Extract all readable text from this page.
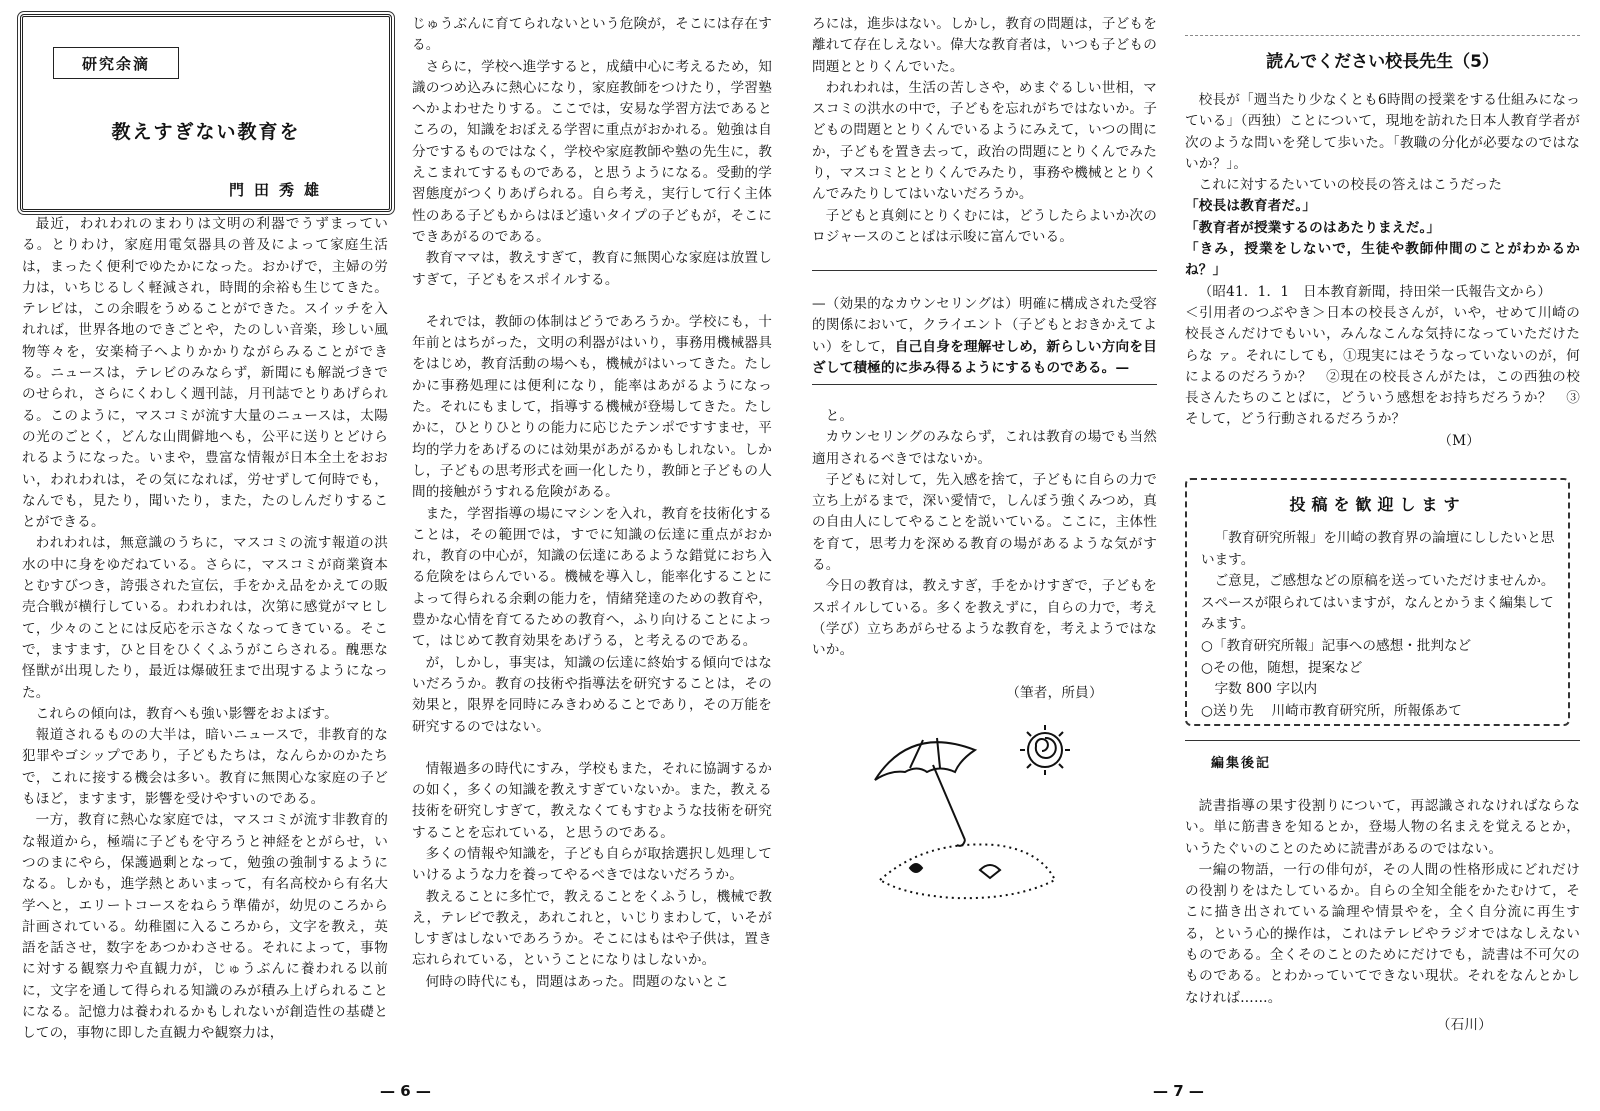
研究余滴
教えすぎない教育を
門田秀雄

最近，われわれのまわりは文明の利器でうずまっている。とりわけ，家庭用電気器具の普及によって家庭生活は，まったく便利でゆたかになった。おかげで，主婦の労力は，いちじるしく軽減され，時間的余裕も生じてきた。テレビは，この余暇をうめることができた。スイッチを入れれば，世界各地のできごとや，たのしい音楽，珍しい風物等々を，安楽椅子へよりかかりながらみることができる。ニュースは，テレビのみならず，新聞にも解説づきでのせられ，さらにくわしく週刊誌，月刊誌でとりあげられる。このように，マスコミが流す大量のニュースは，太陽の光のごとく，どんな山間僻地へも，公平に送りとどけられるようになった。いまや，豊富な情報が日本全土をおおい，われわれは，その気になれば，労せずして何時でも，なんでも，見たり，聞いたり，また，たのしんだりすることができる。

われわれは，無意識のうちに，マスコミの流す報道の洪水の中に身をゆだねている。さらに，マスコミが商業資本とむすびつき，誇張された宣伝，手をかえ品をかえての販売合戦が横行している。われわれは，次第に感覚がマヒして，少々のことには反応を示さなくなってきている。そこで，ますます，ひと目をひくくふうがこらされる。醜悪な怪獣が出現したり，最近は爆破狂まで出現するようになった。

これらの傾向は，教育へも強い影響をおよぼす。

報道されるものの大半は，暗いニュースで，非教育的な犯罪やゴシップであり，子どもたちは，なんらかのかたちで，これに接する機会は多い。教育に無関心な家庭の子どもほど，ますます，影響を受けやすいのである。

一方，教育に熱心な家庭では，マスコミが流す非教育的な報道から，極端に子どもを守ろうと神経をとがらせ，いつのまにやら，保護過剰となって，勉強の強制するようになる。しかも，進学熱とあいまって，有名高校から有名大学へと，エリートコースをねらう準備が，幼児のころから計画されている。幼稚園に入るころから，文字を教え，英語を話させ，数字をあつかわさせる。それによって，事物に対する観察力や直観力が，じゅうぶんに養われる以前に，文字を通して得られる知識のみが積み上げられることになる。記憶力は養われるかもしれないが創造性の基礎としての，事物に即した直観力や観察力は，

じゅうぶんに育てられないという危険が，そこには存在する。

さらに，学校へ進学すると，成績中心に考えるため，知識のつめ込みに熱心になり，家庭教師をつけたり，学習塾へかよわせたりする。ここでは，安易な学習方法であるところの，知識をおぼえる学習に重点がおかれる。勉強は自分でするものではなく，学校や家庭教師や塾の先生に，教えこまれてするものである，と思うようになる。受動的学習態度がつくりあげられる。自ら考え，実行して行く主体性のある子どもからはほど遠いタイプの子どもが，そこにできあがるのである。

教育ママは，教えすぎて，教育に無関心な家庭は放置しすぎて，子どもをスポイルする。

それでは，教師の体制はどうであろうか。学校にも，十年前とはちがった，文明の利器がはいり，事務用機械器具をはじめ，教育活動の場へも，機械がはいってきた。たしかに事務処理には便利になり，能率はあがるようになった。それにもまして，指導する機械が登場してきた。たしかに，ひとりひとりの能力に応じたテンポですすませ，平均的学力をあげるのには効果があがるかもしれない。しかし，子どもの思考形式を画一化したり，教師と子どもの人間的接触がうすれる危険がある。

また，学習指導の場にマシンを入れ，教育を技術化することは，その範囲では，すでに知識の伝達に重点がおかれ，教育の中心が，知識の伝達にあるような錯覚におち入る危険をはらんでいる。機械を導入し，能率化することによって得られる余剰の能力を，情緒発達のための教育や，豊かな心情を育てるための教育へ，ふり向けることによって，はじめて教育効果をあげうる，と考えるのである。

が，しかし，事実は，知識の伝達に終始する傾向ではないだろうか。教育の技術や指導法を研究することは，その効果と，限界を同時にみきわめることであり，その万能を研究するのではない。

情報過多の時代にすみ，学校もまた，それに協調するかの如く，多くの知識を教えすぎていないか。また，教える技術を研究しすぎて，教えなくてもすむような技術を研究することを忘れている，と思うのである。

多くの情報や知識を，子ども自らが取捨選択し処理していけるような力を養ってやるべきではないだろうか。

教えることに多忙で，教えることをくふうし，機械で教え，テレビで教え，あれこれと，いじりまわして，いそがしすぎはしないであろうか。そこにはもはや子供は，置き忘れられている，ということになりはしないか。

何時の時代にも，問題はあった。問題のないとこ

— 6 —

ろには，進歩はない。しかし，教育の問題は，子どもを離れて存在しえない。偉大な教育者は，いつも子どもの問題ととりくんでいた。

われわれは，生活の苦しさや，めまぐるしい世相，マスコミの洪水の中で，子どもを忘れがちではないか。子どもの問題ととりくんでいるようにみえて，いつの間にか，子どもを置き去って，政治の問題にとりくんでみたり，マスコミととりくんでみたり，事務や機械ととりくんでみたりしてはいないだろうか。

子どもと真剣にとりくむには，どうしたらよいか次のロジャースのことばは示唆に富んでいる。

—（効果的なカウンセリングは）明確に構成された受容的関係において，クライエント（子どもとおきかえてよい）をして，自己自身を理解せしめ，新らしい方向を目ざして積極的に歩み得るようにするものである。—

と。

カウンセリングのみならず，これは教育の場でも当然適用されるべきではないか。

子どもに対して，先入感を捨て，子どもに自らの力で立ち上がるまで，深い愛情で，しんぼう強くみつめ，真の自由人にしてやることを説いている。ここに，主体性を育て，思考力を深める教育の場があるような気がする。

今日の教育は，教えすぎ，手をかけすぎで，子どもをスポイルしている。多くを教えずに，自らの力で，考え（学び）立ちあがらせるような教育を，考えようではないか。

（筆者，所員）

読んでください校長先生（5）

校長が「週当たり少なくとも6時間の授業をする仕組みになっている」（西独）ことについて，現地を訪れた日本人教育学者が次のような問いを発して歩いた。「教職の分化が必要なのではないか？」。

これに対するたいていの校長の答えはこうだった

「校長は教育者だ。」

「教育者が授業するのはあたりまえだ。」

「きみ，授業をしないで，生徒や教師仲間のことがわかるかね？」

（昭41．1．1　日本教育新聞，持田栄一氏報告文から）

＜引用者のつぶやき＞日本の校長さんが，いや，せめて川崎の校長さんだけでもいい，みんなこんな気持になっていただけたらな ァ。それにしても，①現実にはそうなっていないのが，何によるのだろうか？　②現在の校長さんがたは，この西独の校長さんたちのことばに，どういう感想をお持ちだろうか？　③そして，どう行動されるだろうか？

（M）

投稿を歓迎します

「教育研究所報」を川崎の教育界の論壇にししたいと思います。

ご意見，ご感想などの原稿を送っていただけませんか。スペースが限られてはいますが，なんとかうまく編集してみます。

○「教育研究所報」記事への感想・批判など

○その他，随想，提案など

　字数 800 字以内

○送り先　 川崎市教育研究所，所報係あて

編集後記

読書指導の果す役割りについて，再認識されなければならない。単に筋書きを知るとか，登場人物の名まえを覚えるとか，いうたぐいのことのために読書があるのではない。

一編の物語，一行の俳句が，その人間の性格形成にどれだけの役割りをはたしているか。自らの全知全能をかたむけて，そこに描き出されている論理や情景やを，全く自分流に再生する，という心的操作は，これはテレビやラジオではなしえないものである。全くそのことのためにだけでも，読書は不可欠のものである。とわかっていてできない現状。それをなんとかしなければ……。

（石川）

— 7 —
